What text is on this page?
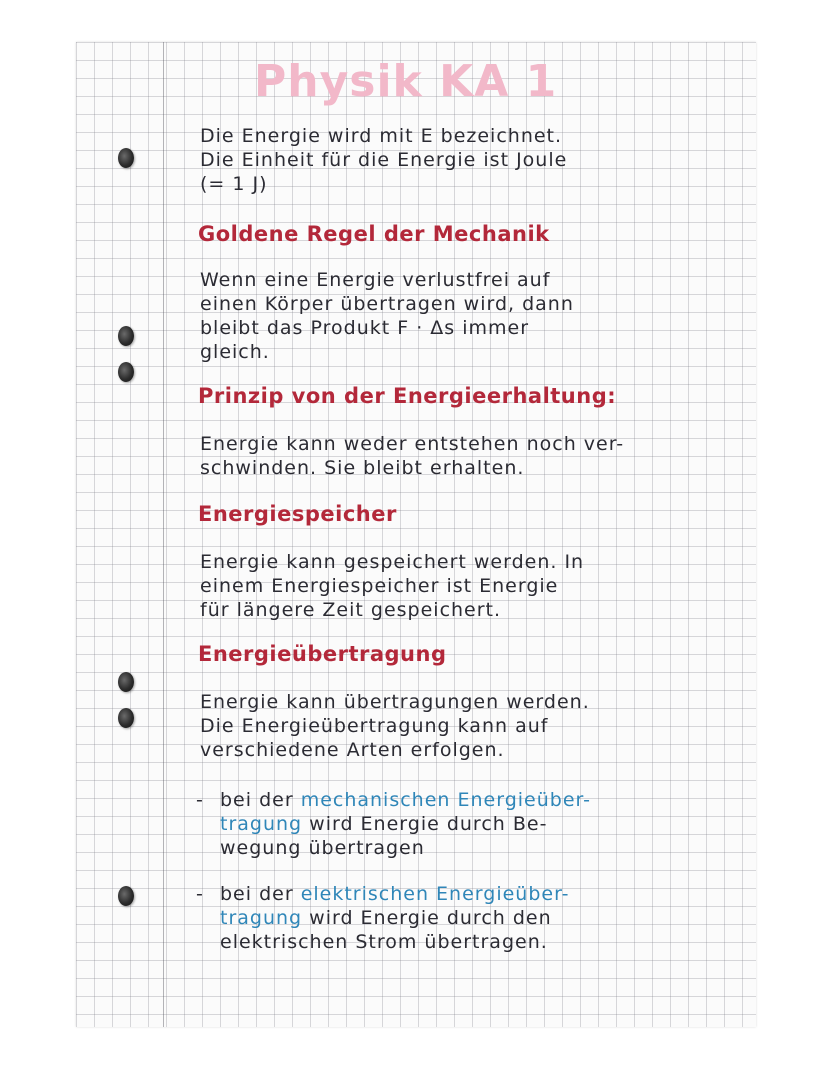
Physik KA 1
Die Energie wird mit E bezeichnet.
Die Einheit für die Energie ist Joule
(= 1 J)
Goldene Regel der Mechanik
Wenn eine Energie verlustfrei auf
einen Körper übertragen wird, dann
bleibt das Produkt F · Δs immer
gleich.
Prinzip von der Energieerhaltung:
Energie kann weder entstehen noch ver-
schwinden. Sie bleibt erhalten.
Energiespeicher
Energie kann gespeichert werden. In
einem Energiespeicher ist Energie
für längere Zeit gespeichert.
Energieübertragung
Energie kann übertragungen werden.
Die Energieübertragung kann auf
verschiedene Arten erfolgen.
- bei der mechanischen Energieüber-
tragung wird Energie durch Be-
wegung übertragen
- bei der elektrischen Energieüber-
tragung wird Energie durch den
elektrischen Strom übertragen.
